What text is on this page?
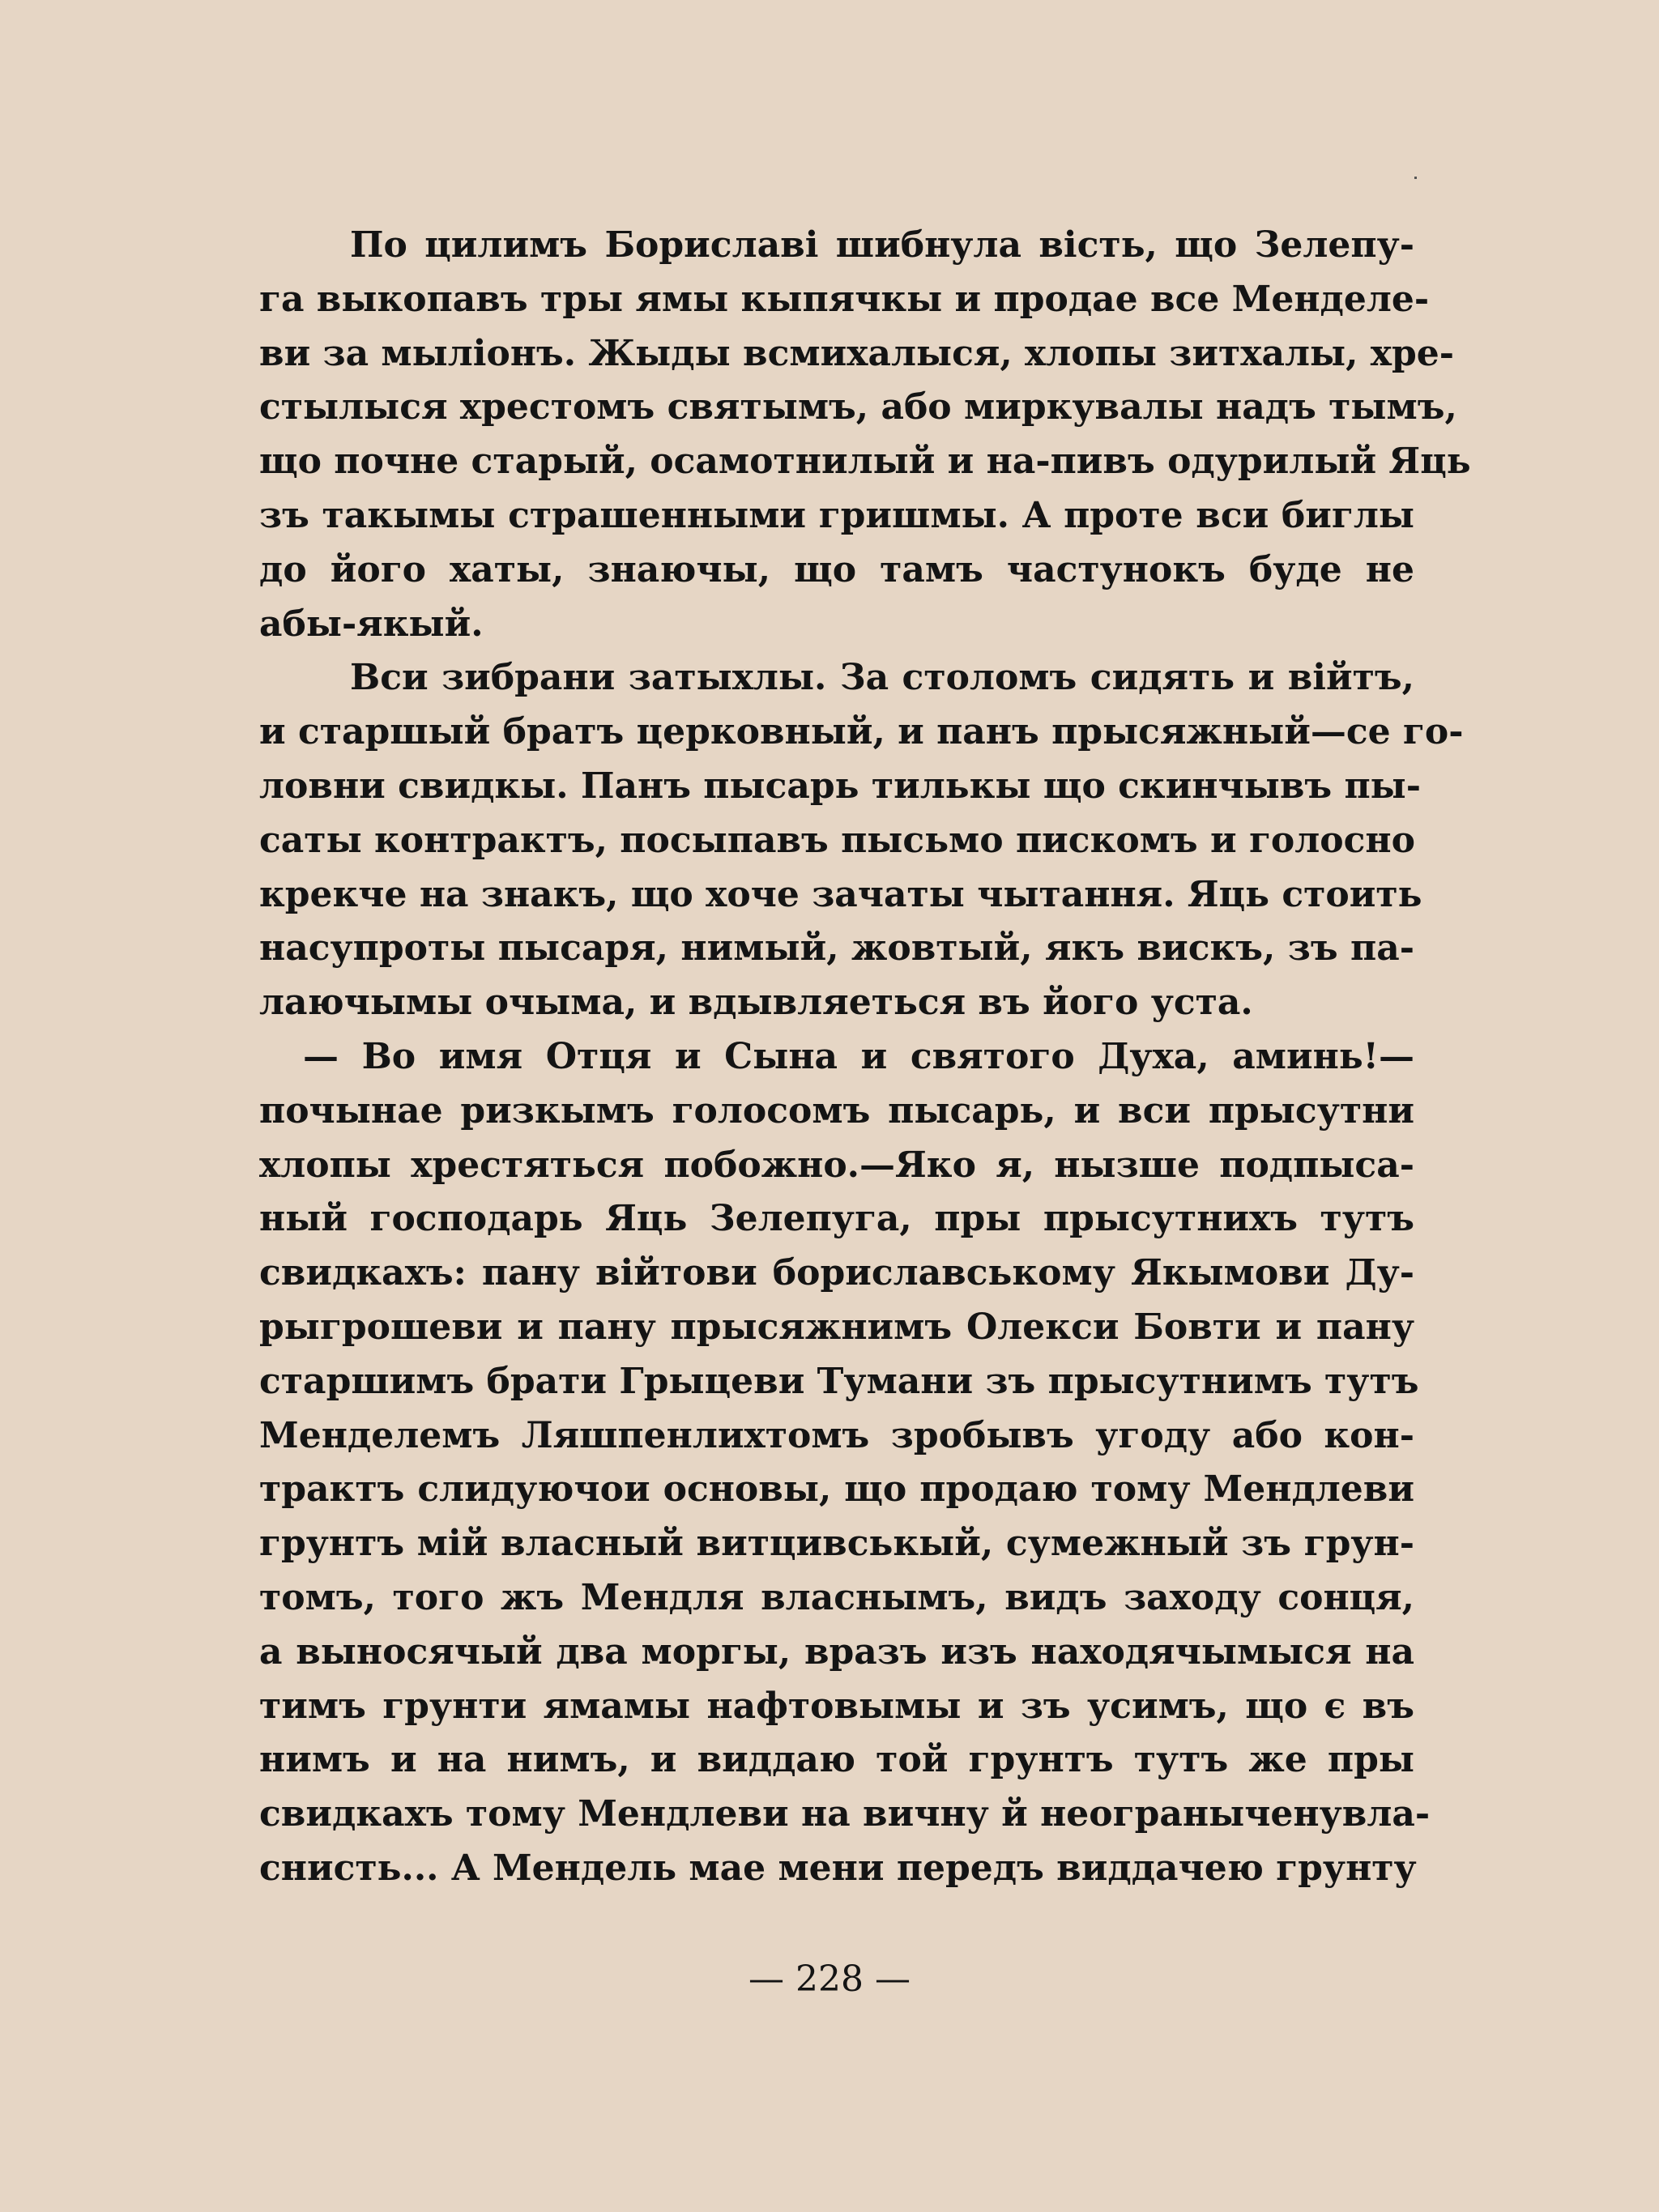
По цилимъ Бориславі шибнула вість, що Зелепу-
га выкопавъ тры ямы кыпячкы и продае все Менделе-
ви за мыліонъ. Жыды всмихалыся, хлопы зитхалы, хре-
стылыся хрестомъ святымъ, або миркувалы надъ тымъ,
що почне старый, осамотнилый и на-пивъ одурилый Яць
зъ такымы страшенными гришмы. А проте вси биглы
до його хаты, знаючы, що тамъ частунокъ буде не
абы-якый.
Вси зибрани затыхлы. За столомъ сидять и війтъ,
и старшый братъ церковный, и панъ прысяжный—се го-
ловни свидкы. Панъ пысарь тилькы що скинчывъ пы-
саты контрактъ, посыпавъ пысьмо пискомъ и голосно
крекче на знакъ, що хоче зачаты чытання. Яць стоить
насупроты пысаря, нимый, жовтый, якъ вискъ, зъ па-
лаючымы очыма, и вдывляеться въ його уста.
— Во имя Отця и Сына и святого Духа, аминь!—
почынае ризкымъ голосомъ пысарь, и вси прысутни
хлопы хрестяться побожно.—Яко я, нызше подпыса-
ный господарь Яць Зелепуга, пры прысутнихъ тутъ
свидкахъ: пану війтови бориславському Якымови Ду-
рыгрошеви и пану прысяжнимъ Олекси Бовти и пану
старшимъ брати Грыцеви Тумани зъ прысутнимъ тутъ
Менделемъ Ляшпенлихтомъ зробывъ угоду або кон-
трактъ слидуючои основы, що продаю тому Мендлеви
грунтъ мій власный витцивськый, сумежный зъ грун-
томъ, того жъ Мендля власнымъ, видъ заходу сонця,
а выносячый два моргы, вразъ изъ находячымыся на
тимъ грунти ямамы нафтовымы и зъ усимъ, що є въ
нимъ и на нимъ, и виддаю той грунтъ тутъ же пры
свидкахъ тому Мендлеви на вичну й неограныченувла-
снисть... А Мендель мае мени передъ виддачею грунту
— 228 —
